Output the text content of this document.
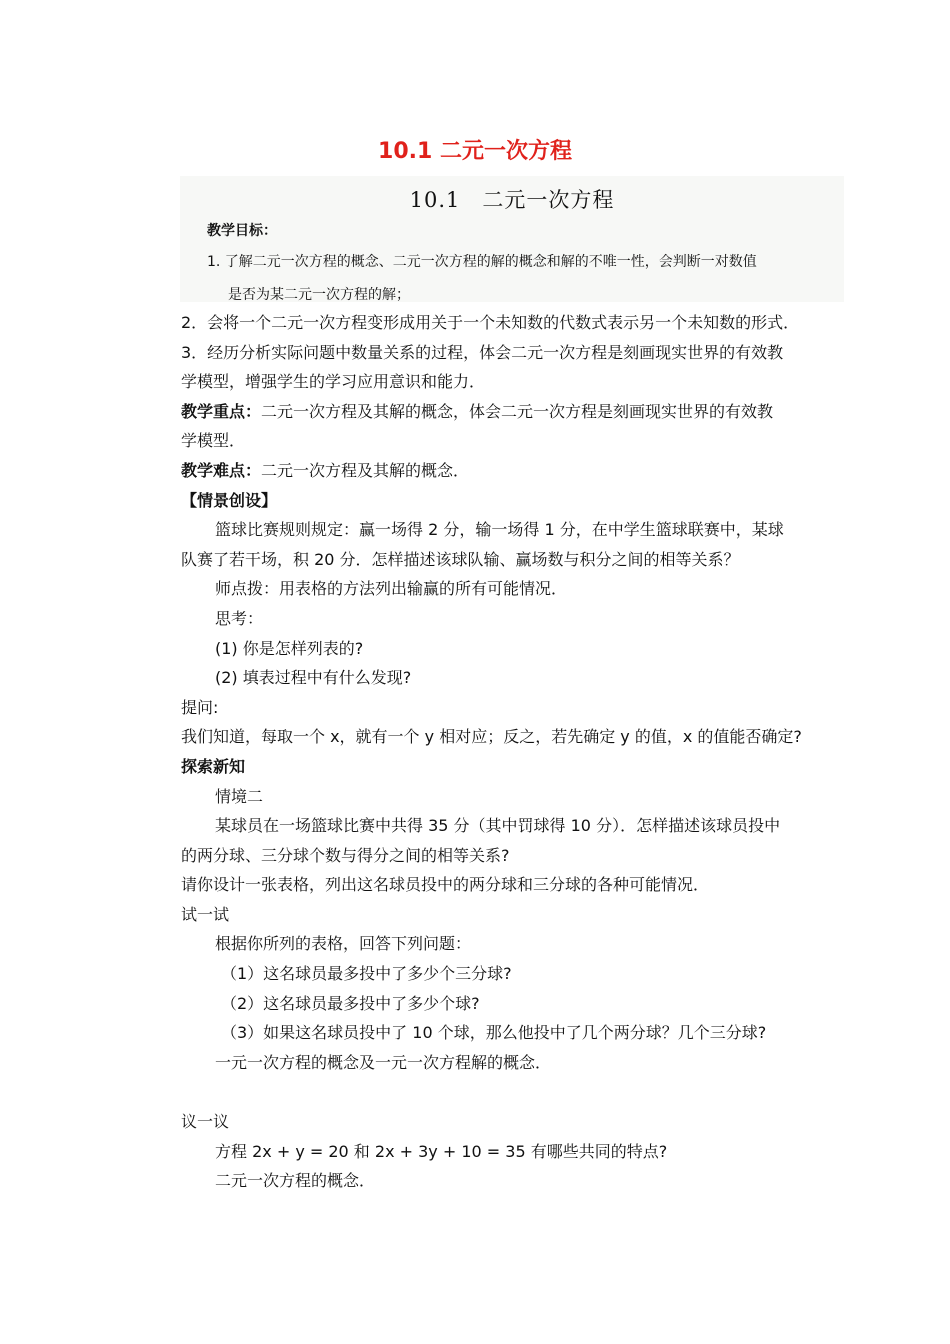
10.1 二元一次方程
10.1　二元一次方程
教学目标：
1. 了解二元一次方程的概念、二元一次方程的解的概念和解的不唯一性，会判断一对数值
是否为某二元一次方程的解；
2．会将一个二元一次方程变形成用关于一个未知数的代数式表示另一个未知数的形式．
3．经历分析实际问题中数量关系的过程，体会二元一次方程是刻画现实世界的有效教
学模型，增强学生的学习应用意识和能力．
教学重点：二元一次方程及其解的概念，体会二元一次方程是刻画现实世界的有效教
学模型．
教学难点：二元一次方程及其解的概念．
【情景创设】
篮球比赛规则规定：赢一场得 2 分，输一场得 1 分，在中学生篮球联赛中，某球
队赛了若干场，积 20 分．怎样描述该球队输、赢场数与积分之间的相等关系？
师点拨：用表格的方法列出输赢的所有可能情况．
思考：
(1) 你是怎样列表的?
(2) 填表过程中有什么发现?
提问:
我们知道，每取一个 x，就有一个 y 相对应；反之，若先确定 y 的值，x 的值能否确定?
探索新知
情境二
某球员在一场篮球比赛中共得 35 分（其中罚球得 10 分）．怎样描述该球员投中
的两分球、三分球个数与得分之间的相等关系?
请你设计一张表格，列出这名球员投中的两分球和三分球的各种可能情况．
试一试
根据你所列的表格，回答下列问题：
（1）这名球员最多投中了多少个三分球?
（2）这名球员最多投中了多少个球?
（3）如果这名球员投中了 10 个球，那么他投中了几个两分球？几个三分球?
一元一次方程的概念及一元一次方程解的概念．
议一议
方程 2x + y = 20 和 2x + 3y + 10 = 35 有哪些共同的特点?
二元一次方程的概念．
